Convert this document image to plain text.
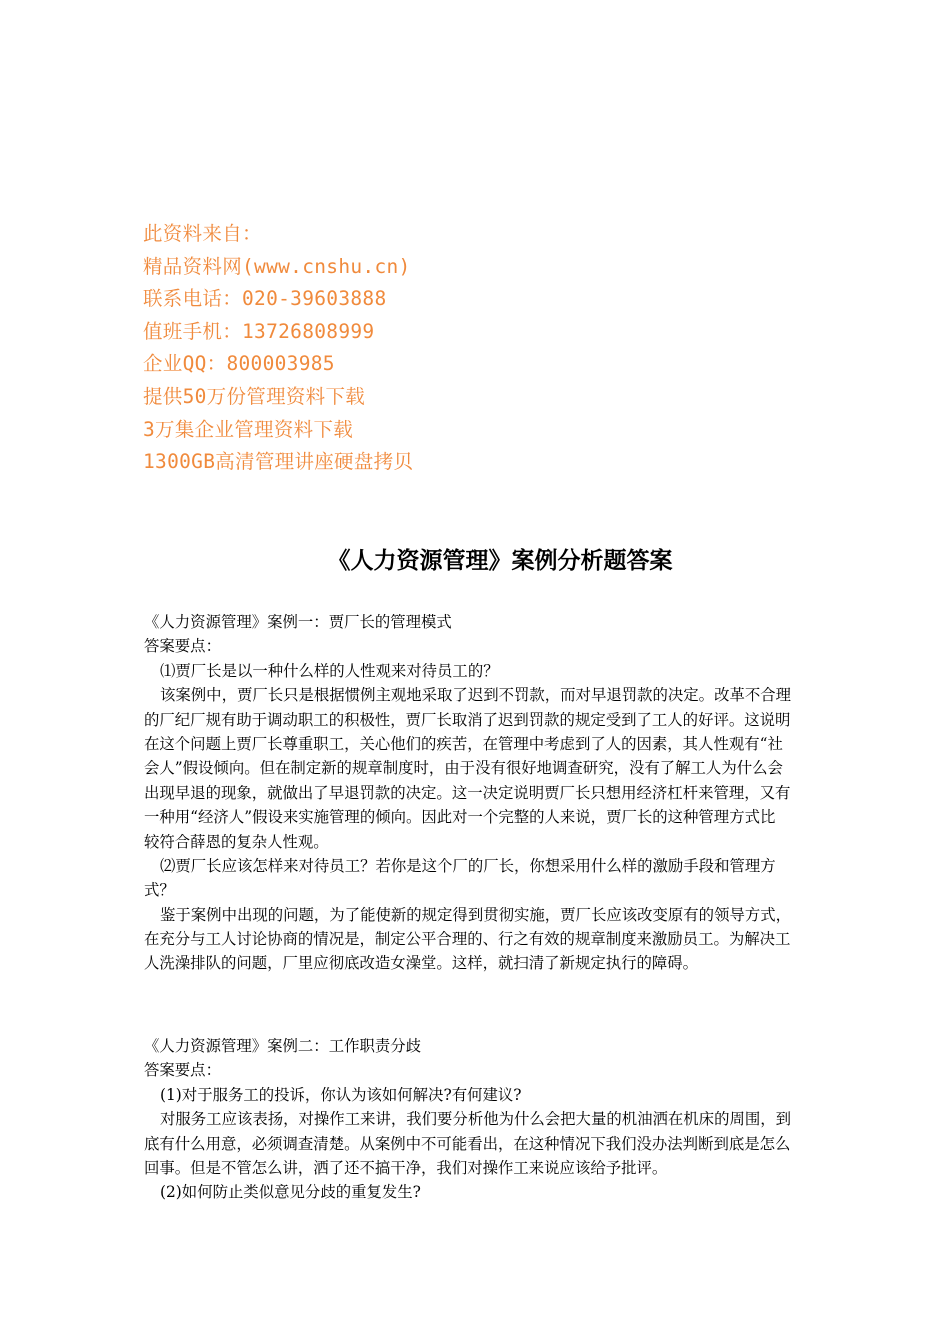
此资料来自：
精品资料网(www.cnshu.cn)
联系电话：020-39603888
值班手机：13726808999
企业QQ：800003985
提供50万份管理资料下载
3万集企业管理资料下载
1300GB高清管理讲座硬盘拷贝
《人力资源管理》案例分析题答案
《人力资源管理》案例一：贾厂长的管理模式
答案要点：
⑴贾厂长是以一种什么样的人性观来对待员工的？
该案例中，贾厂长只是根据惯例主观地采取了迟到不罚款，而对早退罚款的决定。改革不合理
的厂纪厂规有助于调动职工的积极性，贾厂长取消了迟到罚款的规定受到了工人的好评。这说明
在这个问题上贾厂长尊重职工，关心他们的疾苦，在管理中考虑到了人的因素，其人性观有“社
会人”假设倾向。但在制定新的规章制度时，由于没有很好地调查研究，没有了解工人为什么会
出现早退的现象，就做出了早退罚款的决定。这一决定说明贾厂长只想用经济杠杆来管理，又有
一种用“经济人”假设来实施管理的倾向。因此对一个完整的人来说，贾厂长的这种管理方式比
较符合薛恩的复杂人性观。
⑵贾厂长应该怎样来对待员工？若你是这个厂的厂长，你想采用什么样的激励手段和管理方
式？
鉴于案例中出现的问题，为了能使新的规定得到贯彻实施，贾厂长应该改变原有的领导方式，
在充分与工人讨论协商的情况是，制定公平合理的、行之有效的规章制度来激励员工。为解决工
人洗澡排队的问题，厂里应彻底改造女澡堂。这样，就扫清了新规定执行的障碍。
《人力资源管理》案例二：工作职责分歧
答案要点：
(1)对于服务工的投诉，你认为该如何解决?有何建议?
对服务工应该表扬，对操作工来讲，我们要分析他为什么会把大量的机油洒在机床的周围，到
底有什么用意，必须调查清楚。从案例中不可能看出，在这种情况下我们没办法判断到底是怎么
回事。但是不管怎么讲，洒了还不搞干净，我们对操作工来说应该给予批评。
(2)如何防止类似意见分歧的重复发生?
